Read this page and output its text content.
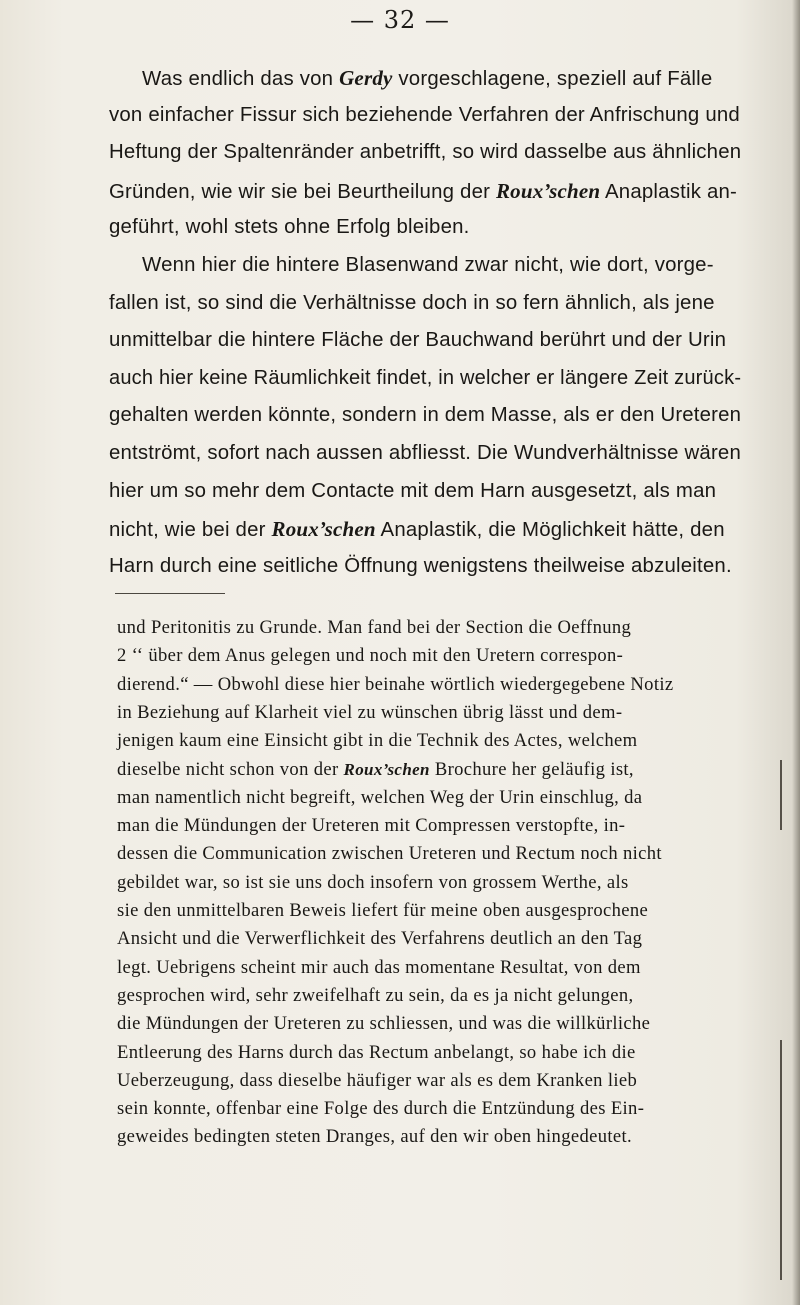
— 32 —
Was endlich das von Gerdy vorgeschlagene, speziell auf Fälle
von einfacher Fissur sich beziehende Verfahren der Anfrischung und
Heftung der Spaltenränder anbetrifft, so wird dasselbe aus ähnlichen
Gründen, wie wir sie bei Beurtheilung der Roux’schen Anaplastik an-
geführt, wohl stets ohne Erfolg bleiben.
Wenn hier die hintere Blasenwand zwar nicht, wie dort, vorge-
fallen ist, so sind die Verhältnisse doch in so fern ähnlich, als jene
unmittelbar die hintere Fläche der Bauchwand berührt und der Urin
auch hier keine Räumlichkeit findet, in welcher er längere Zeit zurück-
gehalten werden könnte, sondern in dem Masse, als er den Ureteren
entströmt, sofort nach aussen abfliesst. Die Wundverhältnisse wären
hier um so mehr dem Contacte mit dem Harn ausgesetzt, als man
nicht, wie bei der Roux’schen Anaplastik, die Möglichkeit hätte, den
Harn durch eine seitliche Öffnung wenigstens theilweise abzuleiten.
und Peritonitis zu Grunde. Man fand bei der Section die Oeffnung
2 ‘‘ über dem Anus gelegen und noch mit den Uretern correspon-
dierend.“ — Obwohl diese hier beinahe wörtlich wiedergegebene Notiz
in Beziehung auf Klarheit viel zu wünschen übrig lässt und dem-
jenigen kaum eine Einsicht gibt in die Technik des Actes, welchem
dieselbe nicht schon von der Roux’schen Brochure her geläufig ist,
man namentlich nicht begreift, welchen Weg der Urin einschlug, da
man die Mündungen der Ureteren mit Compressen verstopfte, in-
dessen die Communication zwischen Ureteren und Rectum noch nicht
gebildet war, so ist sie uns doch insofern von grossem Werthe, als
sie den unmittelbaren Beweis liefert für meine oben ausgesprochene
Ansicht und die Verwerflichkeit des Verfahrens deutlich an den Tag
legt. Uebrigens scheint mir auch das momentane Resultat, von dem
gesprochen wird, sehr zweifelhaft zu sein, da es ja nicht gelungen,
die Mündungen der Ureteren zu schliessen, und was die willkürliche
Entleerung des Harns durch das Rectum anbelangt, so habe ich die
Ueberzeugung, dass dieselbe häufiger war als es dem Kranken lieb
sein konnte, offenbar eine Folge des durch die Entzündung des Ein-
geweides bedingten steten Dranges, auf den wir oben hingedeutet.
